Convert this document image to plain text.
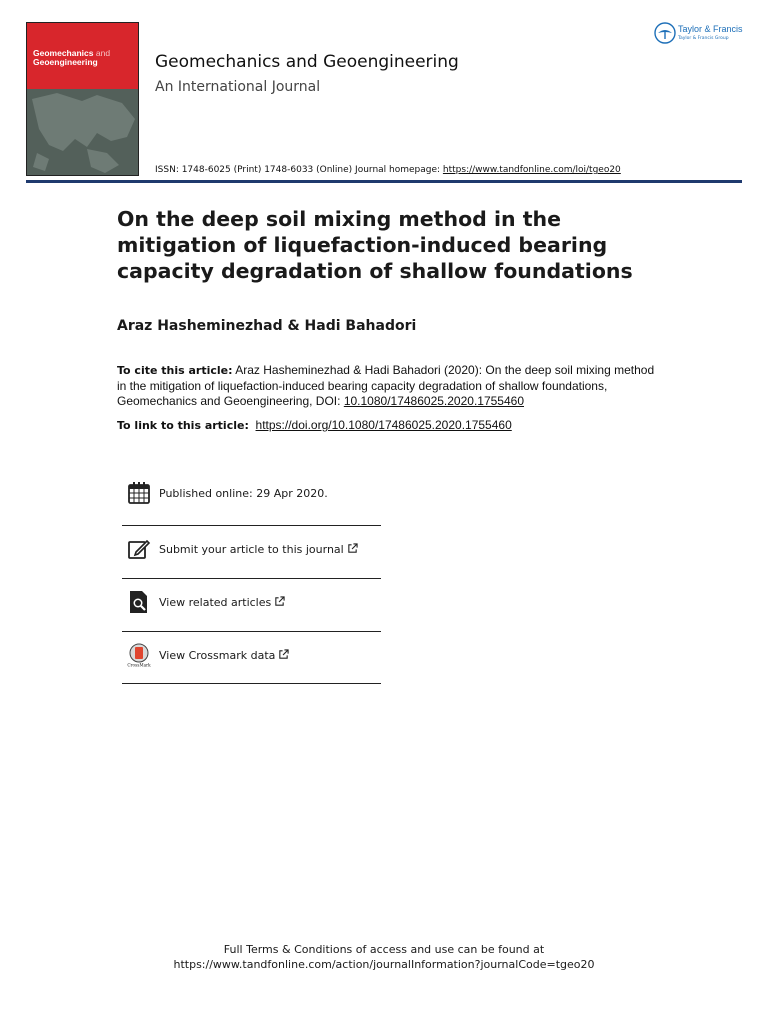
Geomechanics and
Geoengineering	Geomechanics and Geoengineering
An International Journal
ISSN: 1748-6025 (Print) 1748-6033 (Online) Journal homepage: https://www.tandfonline.com/loi/tgeo20
Taylor & Francis
Taylor & Francis Group
On the deep soil mixing method in the mitigation of liquefaction-induced bearing capacity degradation of shallow foundations
Araz Hasheminezhad & Hadi Bahadori
To cite this article: Araz Hasheminezhad & Hadi Bahadori (2020): On the deep soil mixing method in the mitigation of liquefaction-induced bearing capacity degradation of shallow foundations, Geomechanics and Geoengineering, DOI: 10.1080/17486025.2020.1755460
To link to this article: https://doi.org/10.1080/17486025.2020.1755460
Published online: 29 Apr 2020.
Submit your article to this journal
View related articles
CrossMark
View Crossmark data
Full Terms & Conditions of access and use can be found at
https://www.tandfonline.com/action/journalInformation?journalCode=tgeo20
